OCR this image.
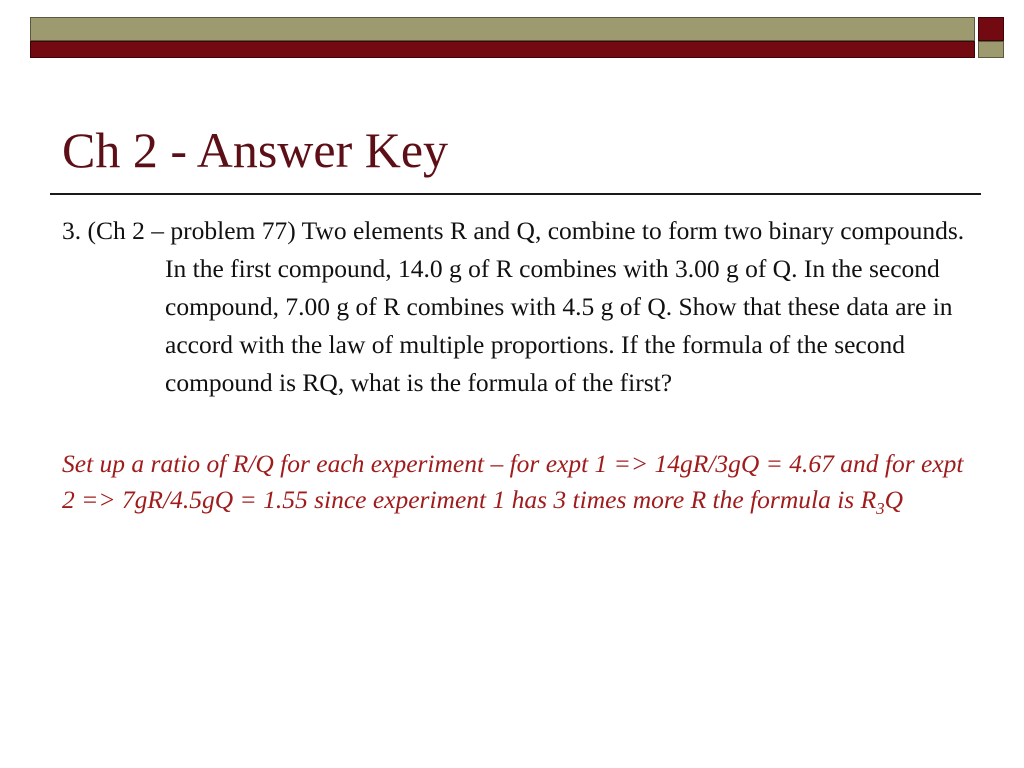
Ch 2 - Answer Key

3. (Ch 2 – problem 77) Two elements R and Q, combine to form two binary compounds. In the first compound, 14.0 g of R combines with 3.00 g of Q. In the second compound, 7.00 g of R combines with 4.5 g of Q. Show that these data are in accord with the law of multiple proportions. If the formula of the second compound is RQ, what is the formula of the first?

Set up a ratio of R/Q for each experiment – for expt 1 => 14gR/3gQ = 4.67 and for expt 2 => 7gR/4.5gQ = 1.55 since experiment 1 has 3 times more R the formula is $R_3Q$
